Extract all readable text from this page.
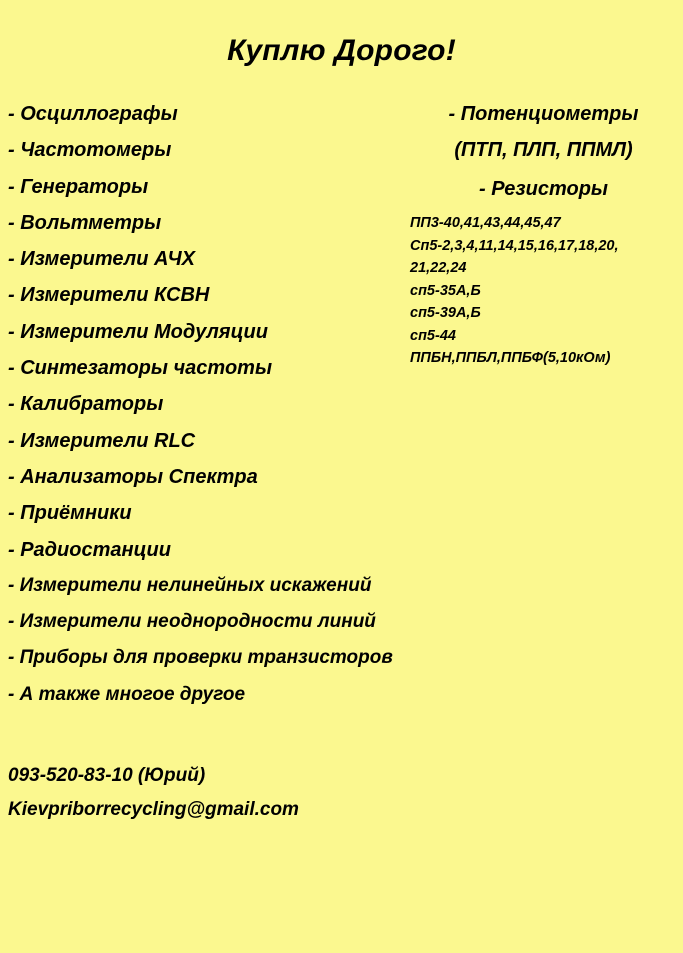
Куплю Дорого!
- Осциллографы
- Частотомеры
- Генераторы
- Вольтметры
- Измерители АЧХ
- Измерители КСВН
- Измерители Модуляции
- Синтезаторы частоты
- Калибраторы
- Измерители RLC
- Анализаторы Спектра
- Приёмники
- Радиостанции
- Измерители нелинейных искажений
- Измерители неоднородности линий
- Приборы для проверки транзисторов
- А также многое другое
- Потенциометры
(ПТП, ПЛП, ППМЛ)
- Резисторы
ПП3-40,41,43,44,45,47
Сп5-2,3,4,11,14,15,16,17,18,20,
21,22,24
сп5-35А,Б
сп5-39А,Б
сп5-44
ППБН,ППБЛ,ППБФ(5,10кОм)
093-520-83-10 (Юрий)
Kievpriborrecycling@gmail.com
